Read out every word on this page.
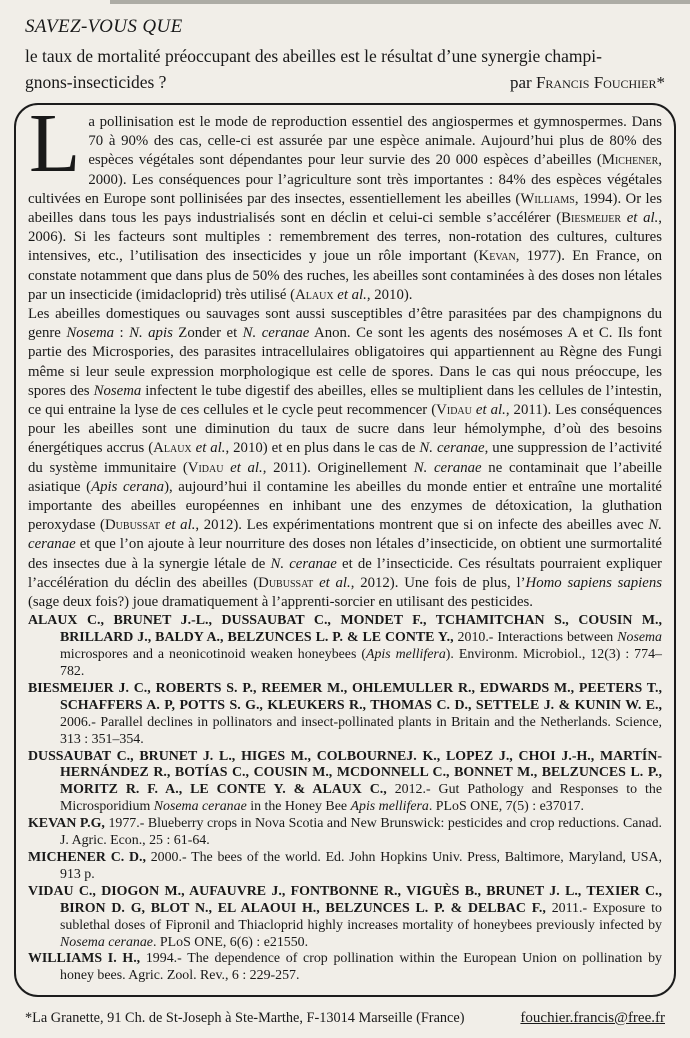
SAVEZ-VOUS QUE
le taux de mortalité préoccupant des abeilles est le résultat d’une synergie champi-
gnons-insecticides ?	par Francis Fouchier*

La pollinisation est le mode de reproduction essentiel des angiospermes et gymnospermes. Dans 70 à 90% des cas, celle-ci est assurée par une espèce animale. Aujourd’hui plus de 80% des espèces végétales sont dépendantes pour leur survie des 20 000 espèces d’abeilles (Michener, 2000). Les conséquences pour l’agriculture sont très importantes : 84% des espèces végétales cultivées en Europe sont pollinisées par des insectes, essentiellement les abeilles (Williams, 1994). Or les abeilles dans tous les pays industrialisés sont en déclin et celui-ci semble s’accélérer (Biesmeijer et al., 2006). Si les facteurs sont multiples : remembrement des terres, non-rotation des cultures, cultures intensives, etc., l’utilisation des insecticides y joue un rôle important (Kevan, 1977). En France, on constate notamment que dans plus de 50% des ruches, les abeilles sont contaminées à des doses non létales par un insecticide (imidacloprid) très utilisé (Alaux et al., 2010).

Les abeilles domestiques ou sauvages sont aussi susceptibles d’être parasitées par des champignons du genre Nosema : N. apis Zonder et N. ceranae Anon. Ce sont les agents des nosémoses A et C. Ils font partie des Microspories, des parasites intracellulaires obligatoires qui appartiennent au Règne des Fungi même si leur seule expression morphologique est celle de spores. Dans le cas qui nous préoccupe, les spores des Nosema infectent le tube digestif des abeilles, elles se multiplient dans les cellules de l’intestin, ce qui entraine la lyse de ces cellules et le cycle peut recommencer (Vidau et al., 2011). Les conséquences pour les abeilles sont une diminution du taux de sucre dans leur hémolymphe, d’où des besoins énergétiques accrus (Alaux et al., 2010) et en plus dans le cas de N. ceranae, une suppression de l’activité du système immunitaire (Vidau et al., 2011). Originellement N. ceranae ne contaminait que l’abeille asiatique (Apis cerana), aujourd’hui il contamine les abeilles du monde entier et entraîne une mortalité importante des abeilles européennes en inhibant une des enzymes de détoxication, la gluthation peroxydase (Dubussat et al., 2012). Les expérimentations montrent que si on infecte des abeilles avec N. ceranae et que l’on ajoute à leur nourriture des doses non létales d’insecticide, on obtient une surmortalité des insectes due à la synergie létale de N. ceranae et de l’insecticide. Ces résultats pourraient expliquer l’accélération du déclin des abeilles (Dubussat et al., 2012). Une fois de plus, l’Homo sapiens sapiens (sage deux fois?) joue dramatiquement à l’apprenti-sorcier en utilisant des pesticides.

ALAUX C., BRUNET J.-L., DUSSAUBAT C., MONDET F., TCHAMITCHAN S., COUSIN M., BRILLARD J., BALDY A., BELZUNCES L. P. & LE CONTE Y., 2010.- Interactions between Nosema microspores and a neonicotinoid weaken honeybees (Apis mellifera). Environm. Microbiol., 12(3) : 774–782.

BIESMEIJER J. C., ROBERTS S. P., REEMER M., OHLEMULLER R., EDWARDS M., PEETERS T., SCHAFFERS A. P, POTTS S. G., KLEUKERS R., THOMAS C. D., SETTELE J. & KUNIN W. E., 2006.- Parallel declines in pollinators and insect-pollinated plants in Britain and the Netherlands. Science, 313 : 351–354.

DUSSAUBAT C., BRUNET J. L., HIGES M., COLBOURNEJ. K., LOPEZ J., CHOI J.-H., MARTÍN-HERNÁNDEZ R., BOTÍAS C., COUSIN M., MCDONNELL C., BONNET M., BELZUNCES L. P., MORITZ R. F. A., LE CONTE Y. & ALAUX C., 2012.- Gut Pathology and Responses to the Microsporidium Nosema ceranae in the Honey Bee Apis mellifera. PLoS ONE, 7(5) : e37017.

KEVAN P.G, 1977.- Blueberry crops in Nova Scotia and New Brunswick: pesticides and crop reductions. Canad. J. Agric. Econ., 25 : 61-64.

MICHENER C. D., 2000.- The bees of the world. Ed. John Hopkins Univ. Press, Baltimore, Maryland, USA, 913 p.

VIDAU C., DIOGON M., AUFAUVRE J., FONTBONNE R., VIGUÈS B., BRUNET J. L., TEXIER C., BIRON D. G, BLOT N., EL ALAOUI H., BELZUNCES L. P. & DELBAC F., 2011.- Exposure to sublethal doses of Fipronil and Thiacloprid highly increases mortality of honeybees previously infected by Nosema ceranae. PLoS ONE, 6(6) : e21550.

WILLIAMS I. H., 1994.- The dependence of crop pollination within the European Union on pollination by honey bees. Agric. Zool. Rev., 6 : 229-257.

*La Granette, 91 Ch. de St-Joseph à Ste-Marthe, F-13014 Marseille (France)	fouchier.francis@free.fr
